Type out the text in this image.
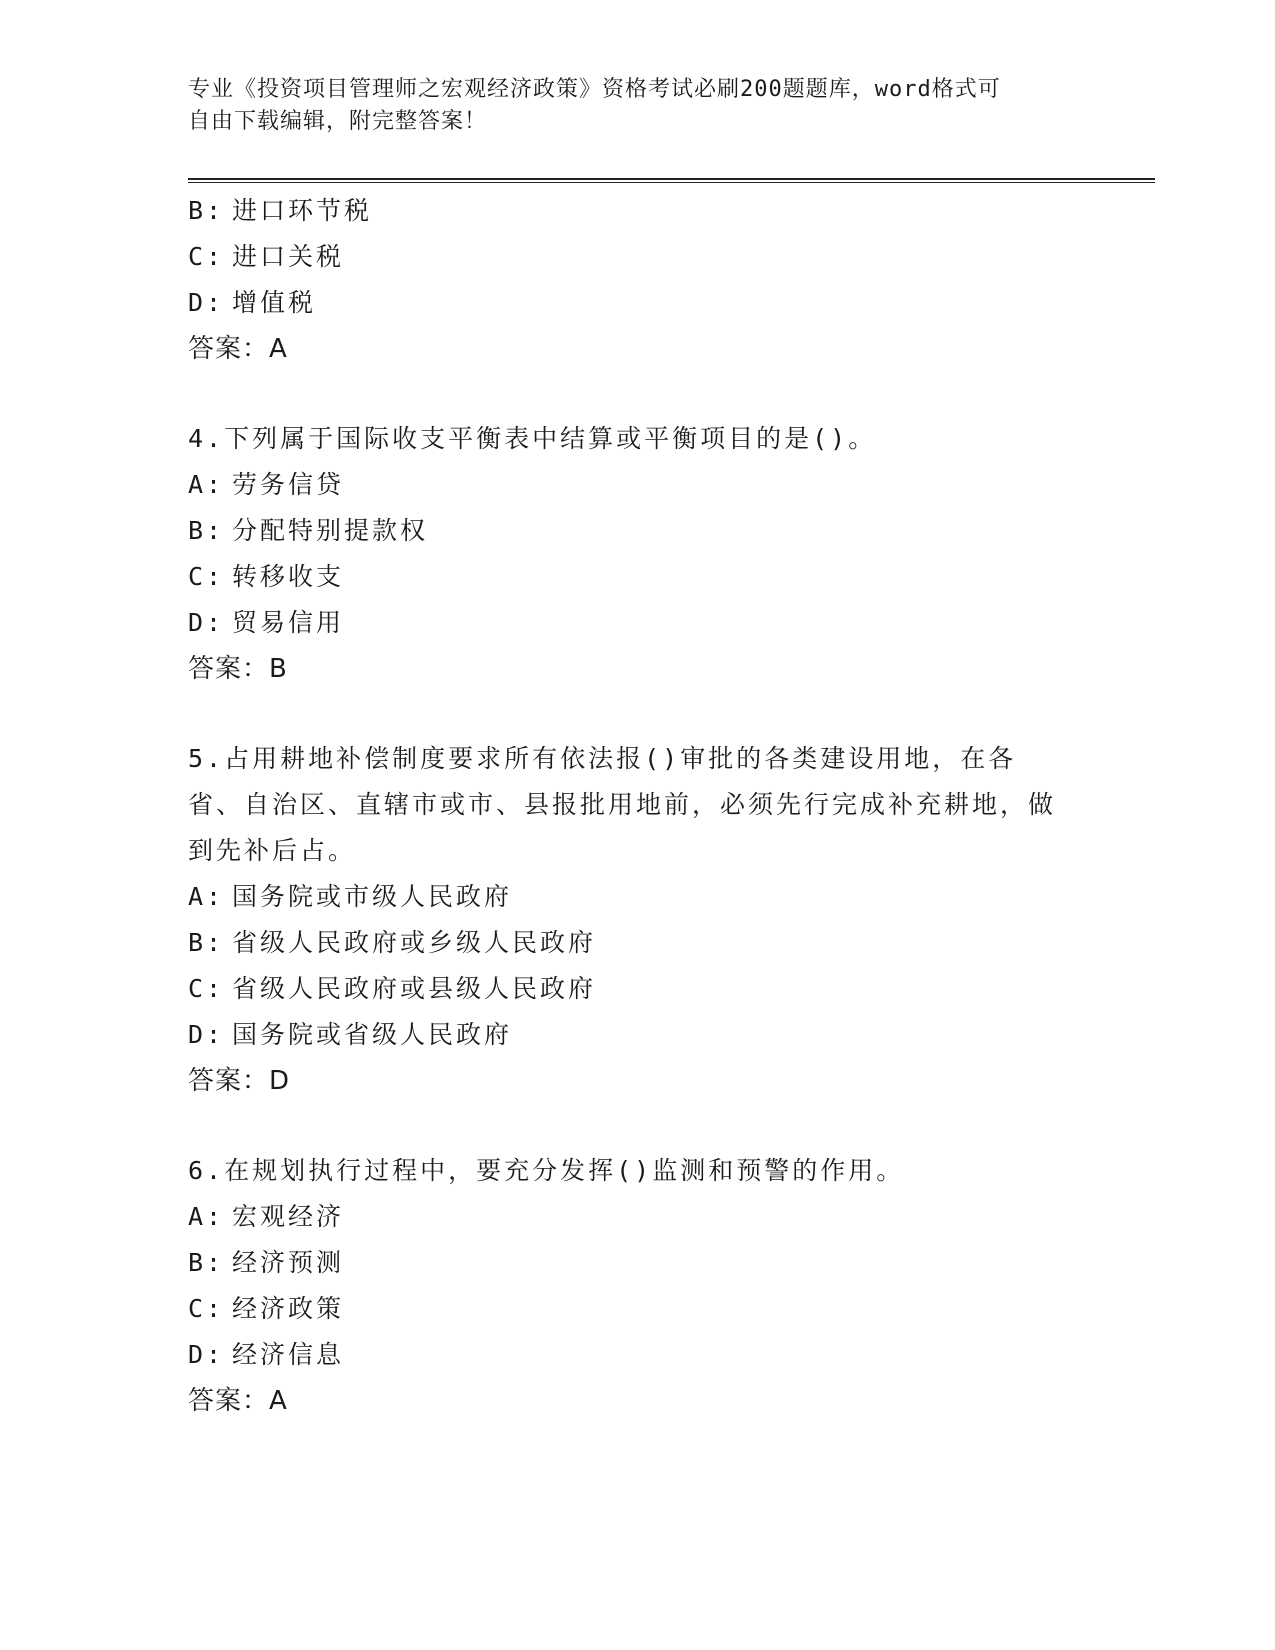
专业《投资项目管理师之宏观经济政策》资格考试必刷200题题库，word格式可
自由下载编辑，附完整答案！
B: 进口环节税
C: 进口关税
D: 增值税
答案：A
4.下列属于国际收支平衡表中结算或平衡项目的是()。
A: 劳务信贷
B: 分配特别提款权
C: 转移收支
D: 贸易信用
答案：B
5.占用耕地补偿制度要求所有依法报()审批的各类建设用地，在各省、自治区、直辖市或市、县报批用地前，必须先行完成补充耕地，做到先补后占。
A: 国务院或市级人民政府
B: 省级人民政府或乡级人民政府
C: 省级人民政府或县级人民政府
D: 国务院或省级人民政府
答案：D
6.在规划执行过程中，要充分发挥()监测和预警的作用。
A: 宏观经济
B: 经济预测
C: 经济政策
D: 经济信息
答案：A
